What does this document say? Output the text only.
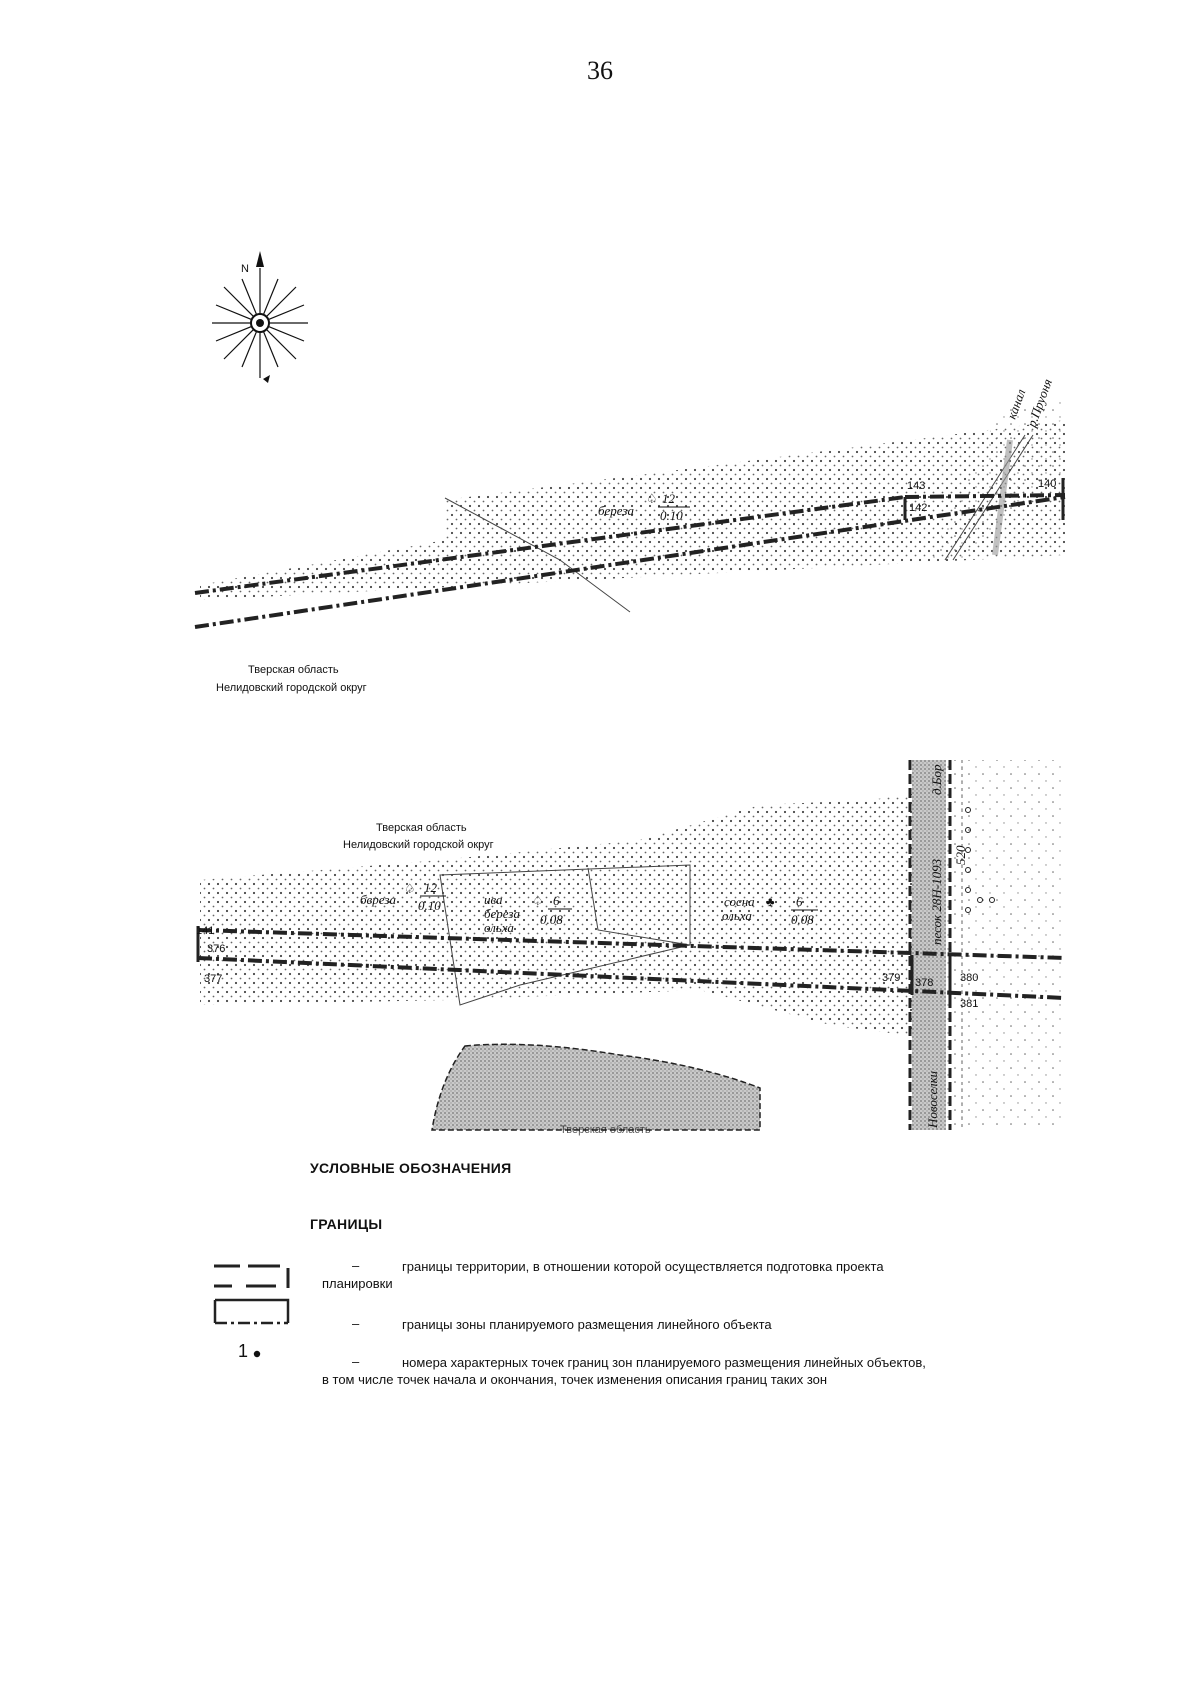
36
N
береза
♤ 12
0.10
канал
р.Пруоня
143
142
140
Тверская область
Нелидовский городской округ
Тверская область
береза
♤ 12
0.10	ива
береза
ольха
♤ 6
0.08
сосна
ольха
♣ 6
0.08	песок 28Н-1093
520
д.Бор
Новоселки
141
376
377	379 378 380
381
Тверская область
Нелидовский городской округ
УСЛОВНЫЕ ОБОЗНАЧЕНИЯ
ГРАНИЦЫ
–	границы территории, в отношении которой осуществляется подготовка проекта
планировки
–	границы зоны планируемого размещения линейного объекта
1
–	номера характерных точек границ зон планируемого размещения линейных объектов,
в том числе точек начала и окончания, точек изменения описания границ таких зон
